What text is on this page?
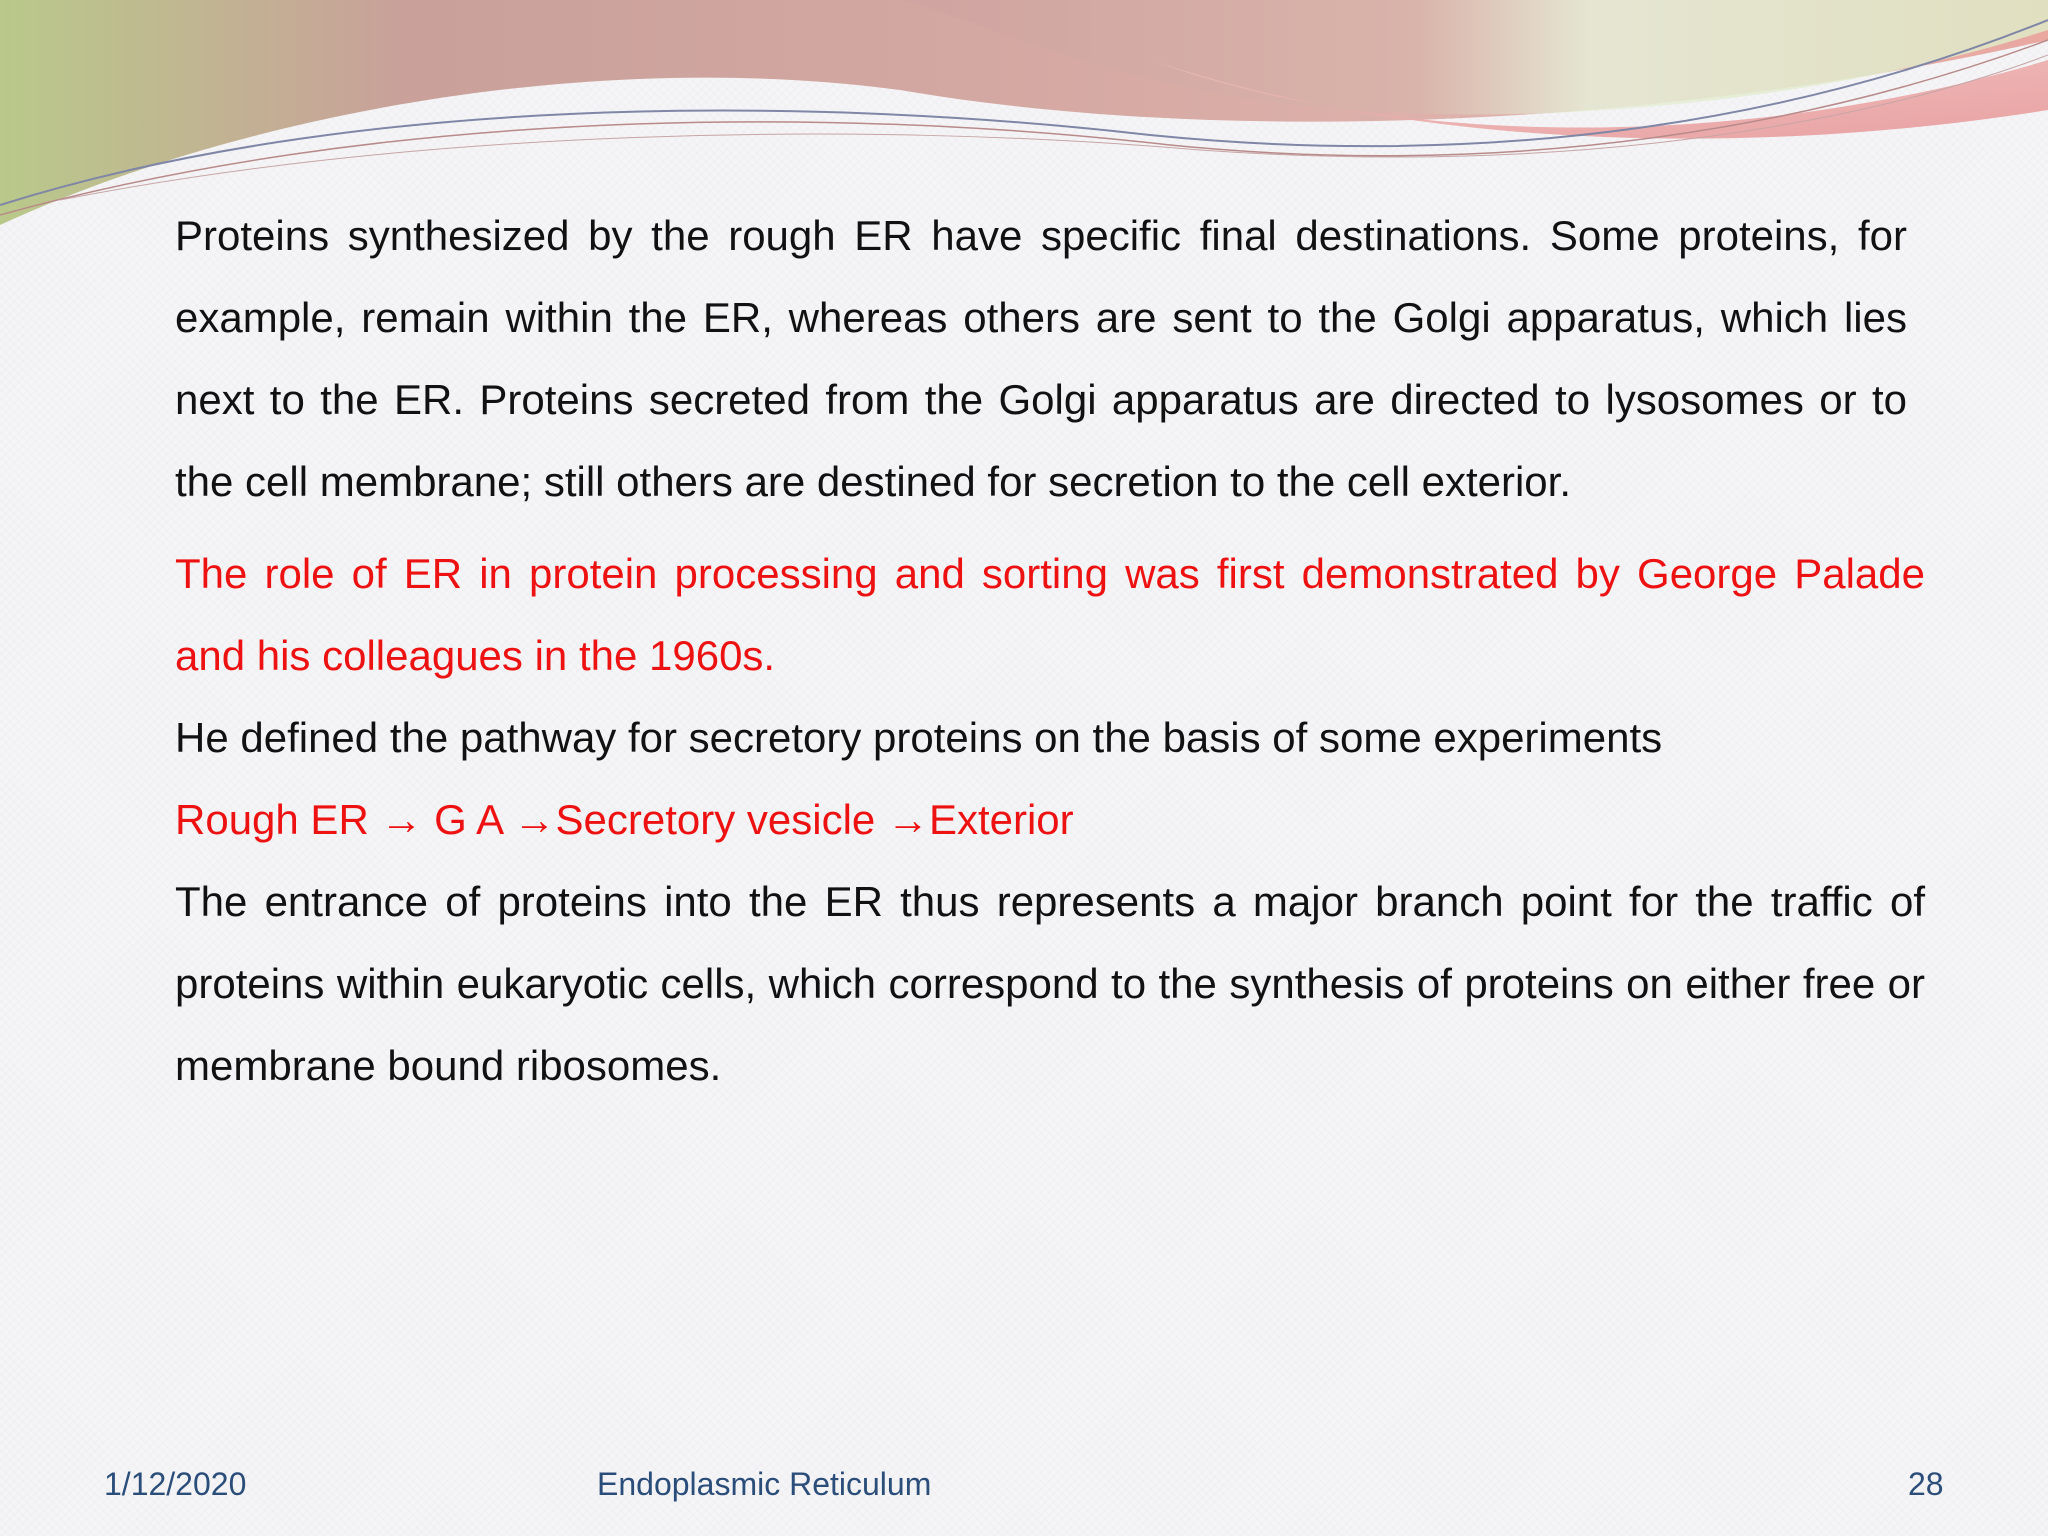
Proteins synthesized by the rough ER have specific final destinations. Some proteins, for example, remain within the ER, whereas others are sent to the Golgi apparatus, which lies next to the ER. Proteins secreted from the Golgi apparatus are directed to lysosomes or to the cell membrane; still others are destined for secretion to the cell exterior.

The role of ER in protein processing and sorting was first demonstrated by George Palade and his colleagues in the 1960s.

He defined the pathway for secretory proteins on the basis of some experiments

Rough ER → G A →Secretory vesicle →Exterior

The entrance of proteins into the ER thus represents a major branch point for the traffic of proteins within eukaryotic cells, which correspond to the synthesis of proteins on either free or membrane bound ribosomes.

1/12/2020	Endoplasmic Reticulum	28
